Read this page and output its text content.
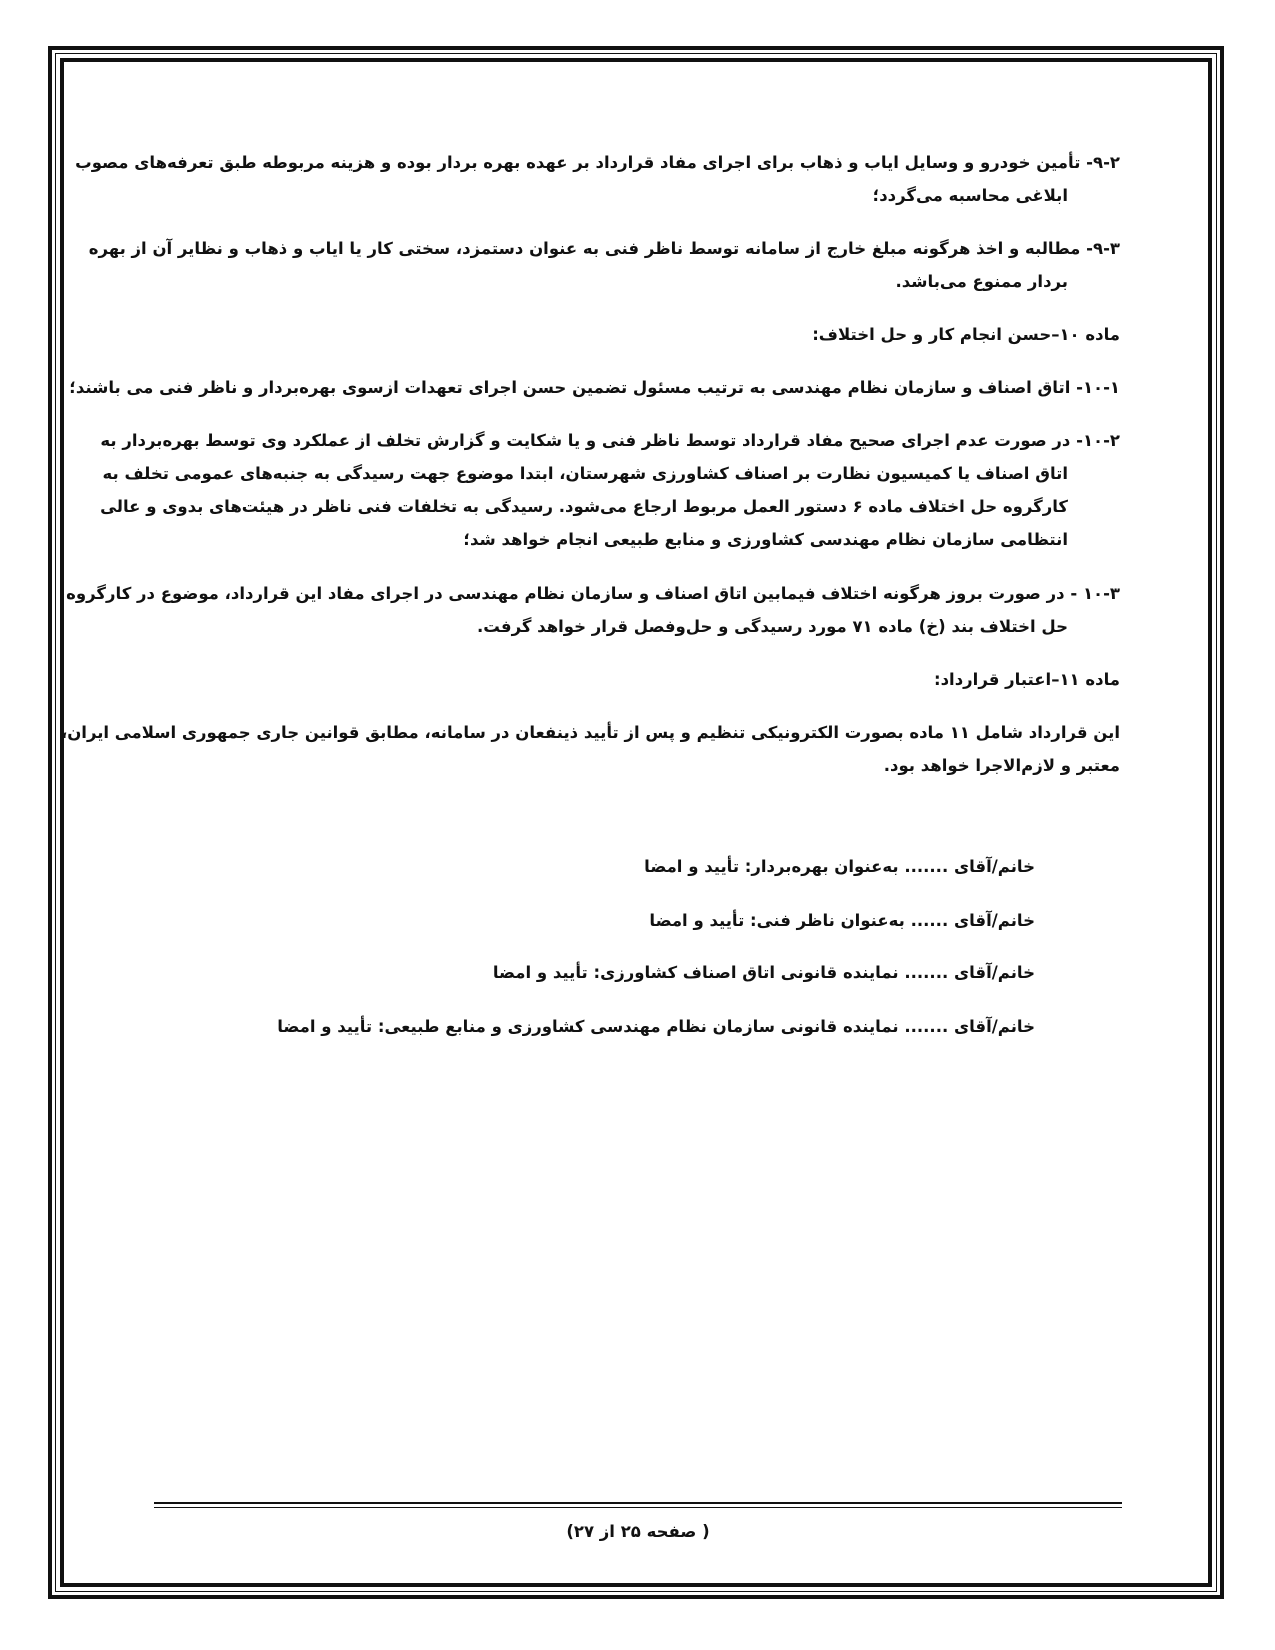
۹-۲- تأمین خودرو و وسایل ایاب و ذهاب برای اجرای مفاد قرارداد بر عهده بهره بردار بوده و هزینه مربوطه طبق تعرفه‌های مصوب
ابلاغی محاسبه می‌گردد؛
۹-۳- مطالبه و اخذ هرگونه مبلغ خارج از سامانه توسط ناظر فنی به عنوان دستمزد، سختی کار یا ایاب و ذهاب و نظایر آن از بهره
بردار ممنوع می‌باشد.
ماده ۱۰–حسن انجام کار و حل اختلاف:
۱۰-۱- اتاق اصناف و سازمان نظام مهندسی به ترتیب مسئول تضمین حسن اجرای تعهدات ازسوی بهره‌بردار و ناظر فنی می باشند؛
۱۰-۲- در صورت عدم اجرای صحیح مفاد قرارداد توسط ناظر فنی و یا شکایت و گزارش تخلف از عملکرد وی توسط بهره‌بردار به
اتاق اصناف یا کمیسیون نظارت بر اصناف کشاورزی شهرستان، ابتدا موضوع جهت رسیدگی به جنبه‌های عمومی تخلف به
کارگروه حل اختلاف ماده ۶ دستور العمل مربوط ارجاع می‌شود. رسیدگی به تخلفات فنی ناظر در هیئت‌های بدوی و عالی
انتظامی سازمان نظام مهندسی کشاورزی و منابع طبیعی انجام خواهد شد؛
۱۰-۳ - در صورت بروز هرگونه اختلاف فیمابین اتاق اصناف و سازمان نظام مهندسی در اجرای مفاد این قرارداد، موضوع در کارگروه
حل اختلاف بند (خ) ماده ۷۱ مورد رسیدگی و حل‌وفصل قرار خواهد گرفت.
ماده ۱۱–اعتبار قرارداد:
این قرارداد شامل ۱۱ ماده بصورت الکترونیکی تنظیم و پس از تأیید ذینفعان در سامانه، مطابق قوانین جاری جمهوری اسلامی ایران،
معتبر و لازم‌الاجرا خواهد بود.
خانم/آقای ....... به‌عنوان بهره‌بردار: تأیید و امضا
خانم/آقای ...... به‌عنوان ناظر فنی: تأیید و امضا
خانم/آقای ....... نماینده قانونی اتاق اصناف کشاورزی: تأیید و امضا
خانم/آقای ....... نماینده قانونی سازمان نظام مهندسی کشاورزی و منابع طبیعی: تأیید و امضا
( صفحه ۲۵ از ۲۷)
